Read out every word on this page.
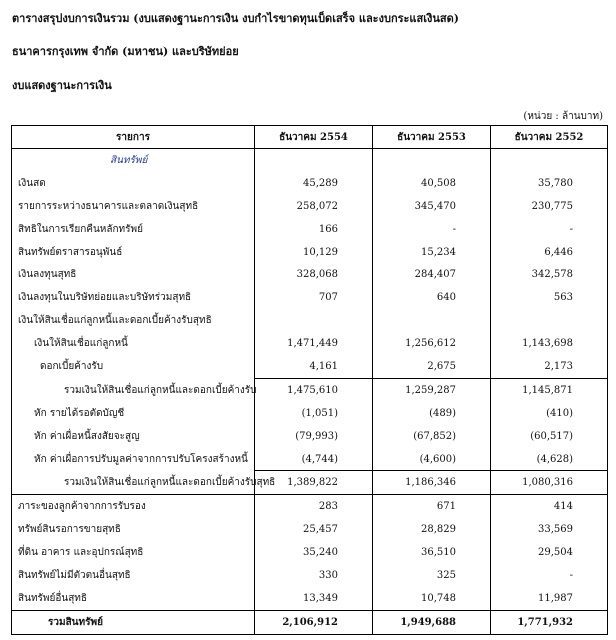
ตารางสรุปงบการเงินรวม (งบแสดงฐานะการเงิน งบกำไรขาดทุนเบ็ดเสร็จ และงบกระแสเงินสด)
ธนาคารกรุงเทพ จำกัด (มหาชน) และบริษัทย่อย
งบแสดงฐานะการเงิน
(หน่วย : ล้านบาท)
รายการ	ธันวาคม 2554	ธันวาคม 2553	ธันวาคม 2552
สินทรัพย์			
เงินสด	45,289	40,508	35,780
รายการระหว่างธนาคารและตลาดเงินสุทธิ	258,072	345,470	230,775
สิทธิในการเรียกคืนหลักทรัพย์	166	-	-
สินทรัพย์ตราสารอนุพันธ์	10,129	15,234	6,446
เงินลงทุนสุทธิ	328,068	284,407	342,578
เงินลงทุนในบริษัทย่อยและบริษัทร่วมสุทธิ	707	640	563
เงินให้สินเชื่อแก่ลูกหนี้และดอกเบี้ยค้างรับสุทธิ			
เงินให้สินเชื่อแก่ลูกหนี้	1,471,449	1,256,612	1,143,698
ดอกเบี้ยค้างรับ	4,161	2,675	2,173
รวมเงินให้สินเชื่อแก่ลูกหนี้และดอกเบี้ยค้างรับ	1,475,610	1,259,287	1,145,871
หัก รายได้รอตัดบัญชี	(1,051)	(489)	(410)
หัก ค่าเผื่อหนี้สงสัยจะสูญ	(79,993)	(67,852)	(60,517)
หัก ค่าเผื่อการปรับมูลค่าจากการปรับโครงสร้างหนี้	(4,744)	(4,600)	(4,628)
รวมเงินให้สินเชื่อแก่ลูกหนี้และดอกเบี้ยค้างรับสุทธิ	1,389,822	1,186,346	1,080,316
ภาระของลูกค้าจากการรับรอง	283	671	414
ทรัพย์สินรอการขายสุทธิ	25,457	28,829	33,569
ที่ดิน อาคาร และอุปกรณ์สุทธิ	35,240	36,510	29,504
สินทรัพย์ไม่มีตัวตนอื่นสุทธิ	330	325	-
สินทรัพย์อื่นสุทธิ	13,349	10,748	11,987
รวมสินทรัพย์	2,106,912	1,949,688	1,771,932
